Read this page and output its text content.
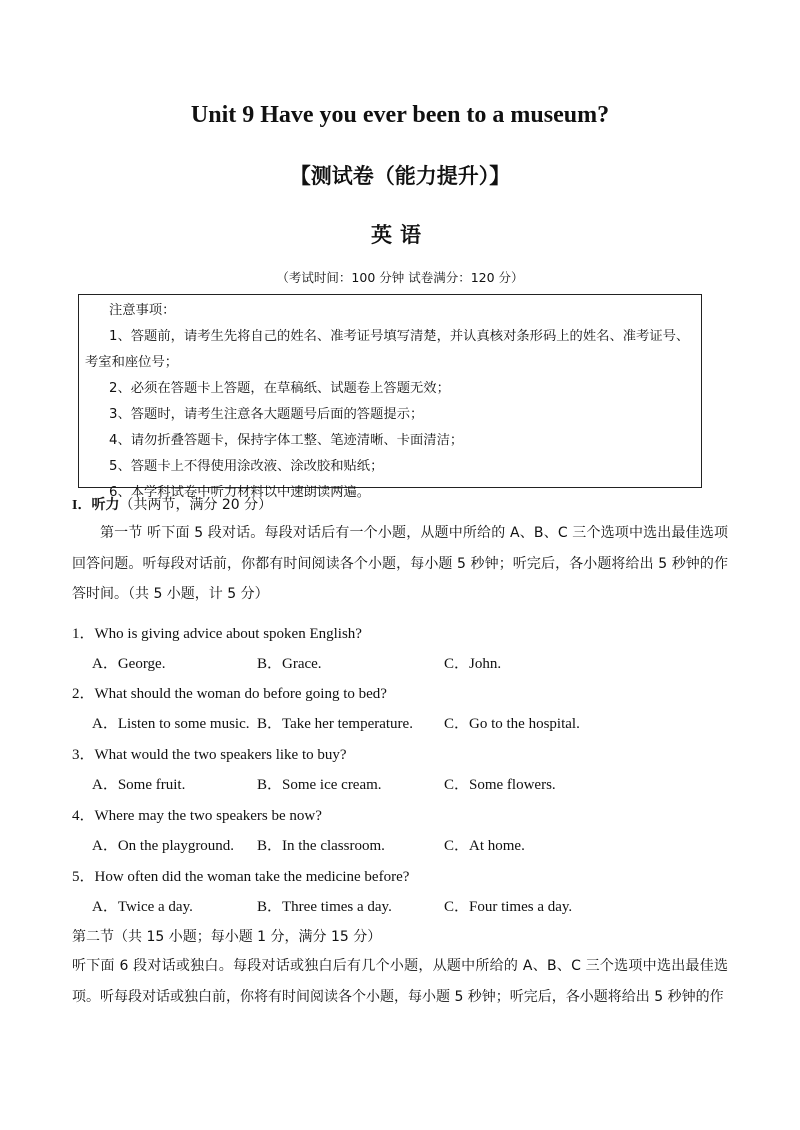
Unit 9 Have you ever been to a museum?
【测试卷（能力提升）】
英语
（考试时间：100 分钟 试卷满分：120 分）

注意事项：

1、答题前，请考生先将自己的姓名、准考证号填写清楚，并认真核对条形码上的姓名、准考证号、考室和座位号；

2、必须在答题卡上答题，在草稿纸、试题卷上答题无效；

3、答题时，请考生注意各大题题号后面的答题提示；

4、请勿折叠答题卡，保持字体工整、笔迹清晰、卡面清洁；

5、答题卡上不得使用涂改液、涂改胶和贴纸；

6、本学科试卷中听力材料以中速朗读两遍。

I．听力（共两节，满分 20 分）
第一节 听下面 5 段对话。每段对话后有一个小题，从题中所给的 A、B、C 三个选项中选出最佳选项回答问题。听每段对话前，你都有时间阅读各个小题，每小题 5 秒钟；听完后，各小题将给出 5 秒钟的作答时间。（共 5 小题，计 5 分）
1．Who is giving advice about spoken English?
A．George.	B．Grace.	C．John.
2．What should the woman do before going to bed?
A．Listen to some music. B．Take her temperature. C．Go to the hospital.
3．What would the two speakers like to buy?
A．Some fruit.	B．Some ice cream.	C．Some flowers.
4．Where may the two speakers be now?
A．On the playground. B．In the classroom.	C．At home.
5．How often did the woman take the medicine before?
A．Twice a day.	B．Three times a day.	C．Four times a day.
第二节（共 15 小题；每小题 1 分，满分 15 分）
听下面 6 段对话或独白。每段对话或独白后有几个小题，从题中所给的 A、B、C 三个选项中选出最佳选项。听每段对话或独白前，你将有时间阅读各个小题，每小题 5 秒钟；听完后，各小题将给出 5 秒钟的作
